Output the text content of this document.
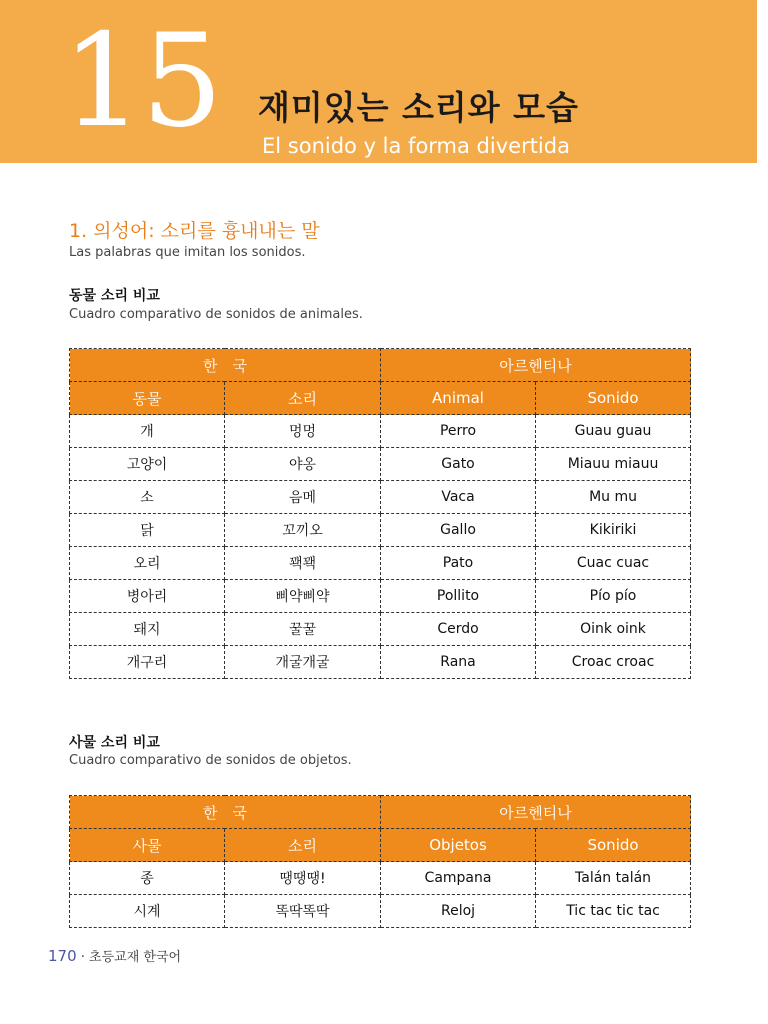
15 재미있는 소리와 모습
El sonido y la forma divertida
1. 의성어: 소리를 흉내내는 말
Las palabras que imitan los sonidos.
동물 소리 비교
Cuadro comparativo de sonidos de animales.
한　국		아르헨티나	
동물	소리	Animal	Sonido
개	멍멍	Perro	Guau guau
고양이	야옹	Gato	Miauu miauu
소	음메	Vaca	Mu mu
닭	꼬끼오	Gallo	Kikiriki
오리	꽥꽥	Pato	Cuac cuac
병아리	삐약삐약	Pollito	Pío pío
돼지	꿀꿀	Cerdo	Oink oink
개구리	개굴개굴	Rana	Croac croac
사물 소리 비교
Cuadro comparativo de sonidos de objetos.
한　국		아르헨티나	
사물	소리	Objetos	Sonido
종	땡땡땡!	Campana	Talán talán
시계	똑딱똑딱	Reloj	Tic tac tic tac
170 · 초등교재 한국어
